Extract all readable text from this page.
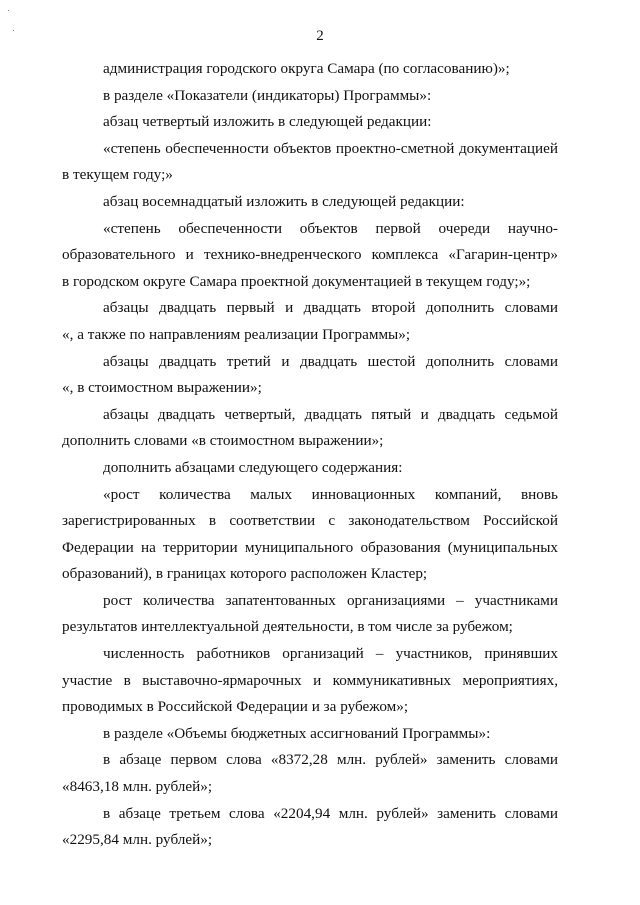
2
администрация городского округа Самара (по согласованию)»;
в разделе «Показатели (индикаторы) Программы»:
абзац четвертый изложить в следующей редакции:
«степень обеспеченности объектов проектно-сметной документацией
в текущем году;»
абзац восемнадцатый изложить в следующей редакции:
«степень обеспеченности объектов первой очереди научно-
образовательного и технико-внедренческого комплекса «Гагарин-центр»
в городском округе Самара проектной документацией в текущем году;»;
абзацы двадцать первый и двадцать второй дополнить словами
«, а также по направлениям реализации Программы»;
абзацы двадцать третий и двадцать шестой дополнить словами
«, в стоимостном выражении»;
абзацы двадцать четвертый, двадцать пятый и двадцать седьмой
дополнить словами «в стоимостном выражении»;
дополнить абзацами следующего содержания:
«рост количества малых инновационных компаний, вновь
зарегистрированных в соответствии с законодательством Российской
Федерации на территории муниципального образования (муниципальных
образований), в границах которого расположен Кластер;
рост количества запатентованных организациями – участниками
результатов интеллектуальной деятельности, в том числе за рубежом;
численность работников организаций – участников, принявших
участие в выставочно-ярмарочных и коммуникативных мероприятиях,
проводимых в Российской Федерации и за рубежом»;
в разделе «Объемы бюджетных ассигнований Программы»:
в абзаце первом слова «8372,28 млн. рублей» заменить словами
«8463,18 млн. рублей»;
в абзаце третьем слова «2204,94 млн. рублей» заменить словами
«2295,84 млн. рублей»;
